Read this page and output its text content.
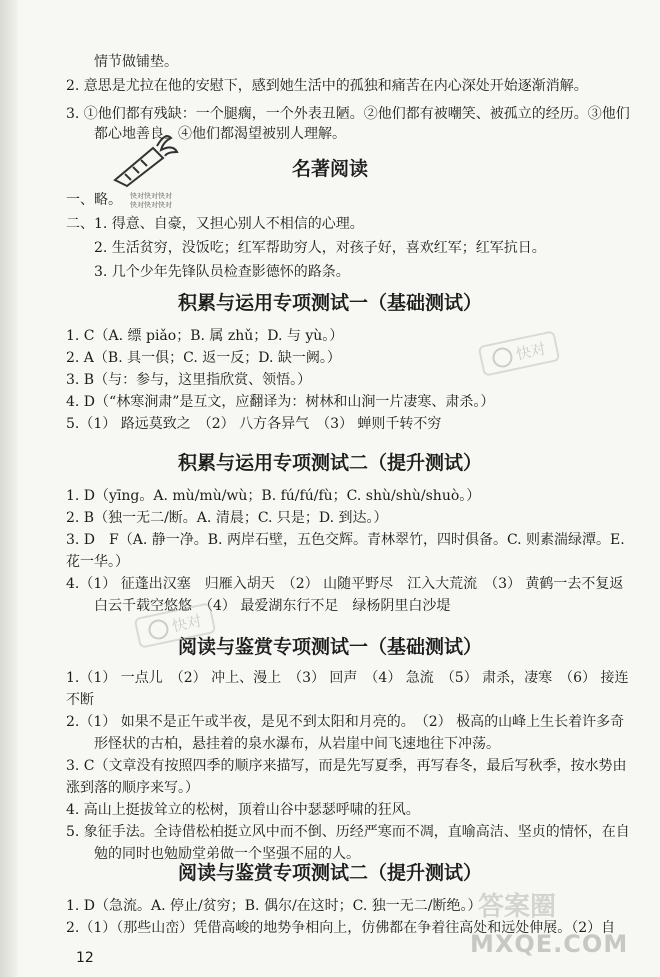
情节做铺垫。
2. 意思是尤拉在他的安慰下，感到她生活中的孤独和痛苦在内心深处开始逐渐消解。
3. ①他们都有残缺：一个腿瘸，一个外表丑陋。②他们都有被嘲笑、被孤立的经历。③他们
都心地善良。④他们都渴望被别人理解。
一、略。
二、1. 得意、自豪，又担心别人不相信的心理。
2. 生活贫穷，没饭吃；红军帮助穷人，对孩子好，喜欢红军；红军抗日。
3. 几个少年先锋队员检查影德怀的路条。
1. C（A. 缥 piǎo；B. 属 zhǔ；D. 与 yù。）
2. A（B. 具一俱；C. 返一反；D. 缺一阙。）
3. B（与：参与，这里指欣赏、领悟。）
4. D（“林寒涧肃”是互文，应翻译为：树林和山涧一片凄寒、肃杀。）
5.（1） 路远莫致之　（2） 八方各异气　（3） 蝉则千转不穷
1. D（yīng。A. mù/mù/wù；B. fú/fú/fù；C. shù/shù/shuò。）
2. B（独一无二/断。A. 清晨；C. 只是；D. 到达。）
3. D　F（A. 静一净。B. 两岸石壁，五色交辉。青林翠竹，四时俱备。C. 则素湍绿潭。E.
花一华。）
4.（1） 征蓬出汉塞　归雁入胡天　（2） 山随平野尽　江入大荒流　（3） 黄鹤一去不复返
白云千载空悠悠　（4） 最爱湖东行不足　绿杨阴里白沙堤
1.（1） 一点儿　（2） 冲上、漫上　（3） 回声　（4） 急流　（5） 肃杀，凄寒　（6） 接连
不断
2.（1） 如果不是正午或半夜，是见不到太阳和月亮的。　（2） 极高的山峰上生长着许多奇
形怪状的古柏，悬挂着的泉水瀑布，从岩崖中间飞速地往下冲荡。
3. C（文章没有按照四季的顺序来描写，而是先写夏季，再写春冬，最后写秋季，按水势由
涨到落的顺序来写。）
4. 高山上挺拔耸立的松树，顶着山谷中瑟瑟呼啸的狂风。
5. 象征手法。全诗借松柏挺立风中而不倒、历经严寒而不凋，直喻高洁、坚贞的情怀，在自
勉的同时也勉励堂弟做一个坚强不屈的人。
1. D（急流。A. 停止/贫穷；B. 偶尔/在这时；C. 独一无二/断绝。）
2.（1）（那些山峦）凭借高峻的地势争相向上，仿佛都在争着往高处和远处伸展。（2）自
名著阅读
积累与运用专项测试一（基础测试）
积累与运用专项测试二（提升测试）
阅读与鉴赏专项测试一（基础测试）
阅读与鉴赏专项测试二（提升测试）
快对快对快对
快对快对快对
快对
快对
答案圈
MXQE.COM
12
